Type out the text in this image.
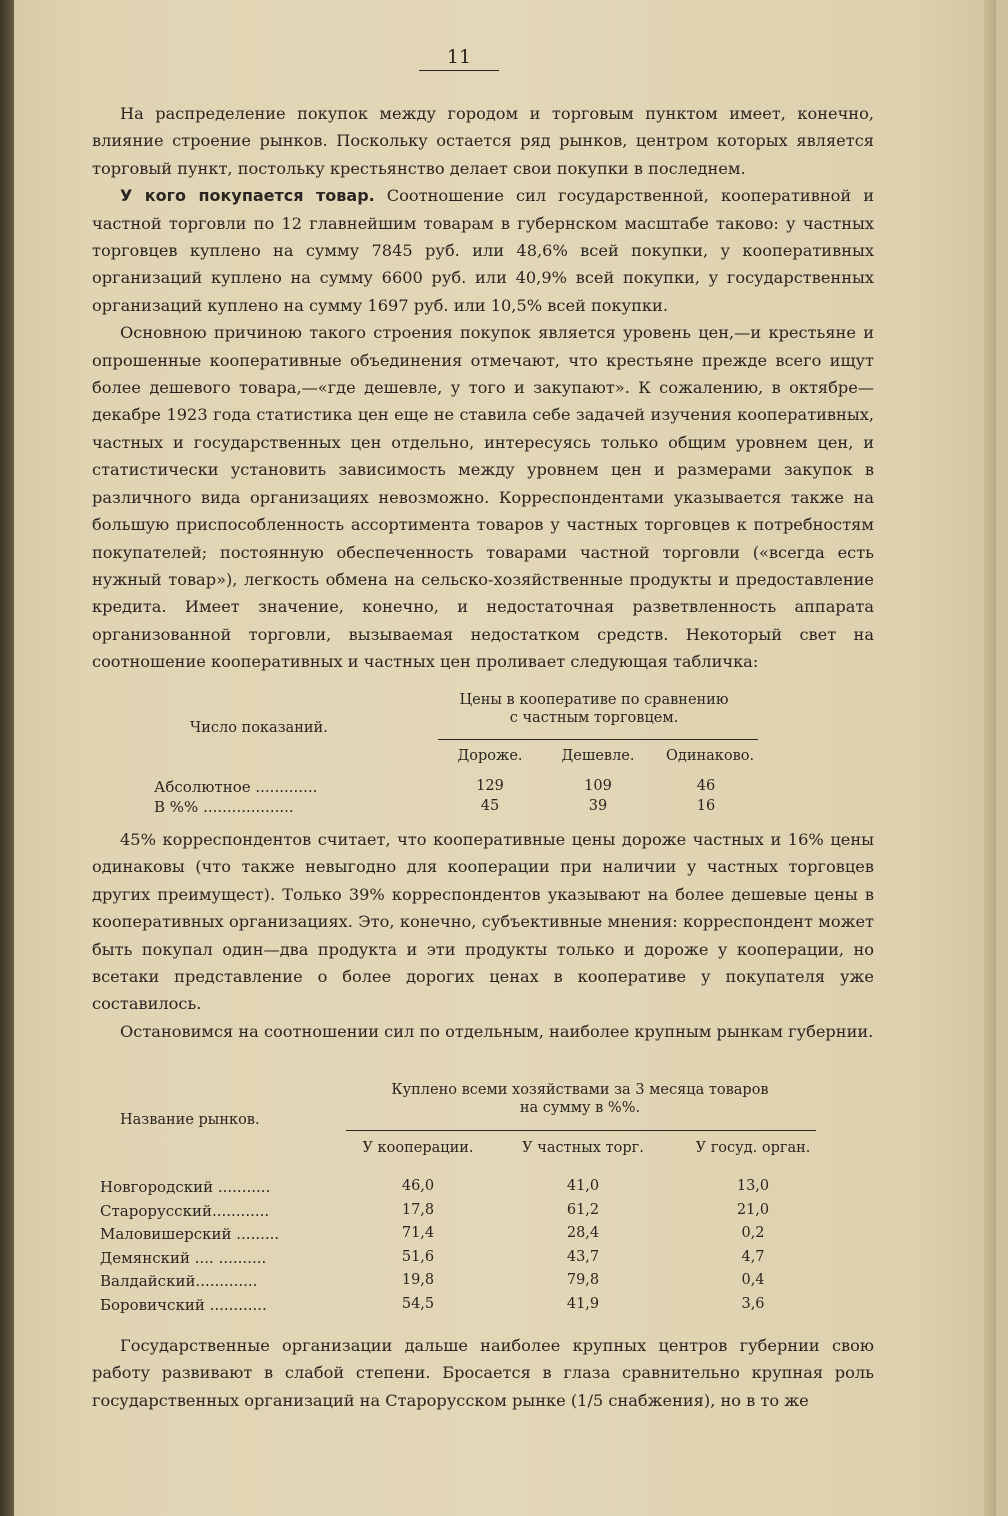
11

На распределение покупок между городом и торговым пунктом имеет, конечно, влияние строение рынков. Поскольку остается ряд рынков, центром которых является торговый пункт, постольку крестьянство делает свои покупки в последнем.

У кого покупается товар. Соотношение сил государственной, кооперативной и частной торговли по 12 главнейшим товарам в губернском масштабе таково: у частных торговцев куплено на сумму 7845 руб. или 48,6% всей покупки, у кооперативных организаций куплено на сумму 6600 руб. или 40,9% всей покупки, у государственных организаций куплено на сумму 1697 руб. или 10,5% всей покупки.

Основною причиною такого строения покупок является уровень цен,—и крестьяне и опрошенные кооперативные объединения отмечают, что крестьяне прежде всего ищут более дешевого товара,—«где дешевле, у того и закупают». К сожалению, в октябре—декабре 1923 года статистика цен еще не ставила себе задачей изучения кооперативных, частных и государственных цен отдельно, интересуясь только общим уровнем цен, и статистически установить зависимость между уровнем цен и размерами закупок в различного вида организациях невозможно. Корреспондентами указывается также на большую приспособленность ассортимента товаров у частных торговцев к потребностям покупателей; постоянную обеспеченность товарами частной торговли («всегда есть нужный товар»), легкость обмена на сельско-хозяйственные продукты и предоставление кредита. Имеет значение, конечно, и недостаточная разветвленность аппарата организованной торговли, вызываемая недостатком средств. Некоторый свет на соотношение кооперативных и частных цен проливает следующая табличка:

Число показаний.
Цены в кооперативе по сравнению
с частным торговцем.
Дороже.	Дешевле. Одинаково.
Абсолютное .............	129	109	46
В %% ...................	45	39	16

45% корреспондентов считает, что кооперативные цены дороже частных и 16% цены одинаковы (что также невыгодно для кооперации при наличии у частных торговцев других преимущест). Только 39% корреспондентов указывают на более дешевые цены в кооперативных организациях. Это, конечно, субъективные мнения: корреспондент может быть покупал один—два продукта и эти продукты только и дороже у кооперации, но всетаки представление о более дорогих ценах в кооперативе у покупателя уже составилось.

Остановимся на соотношении сил по отдельным, наиболее крупным рынкам губернии.

Название рынков.
Куплено всеми хозяйствами за 3 месяца товаров
на сумму в %%.
У кооперации.	У частных торг.	У госуд. орган.
Новгородский ...........	46,0	41,0	13,0
Старорусский............	17,8	61,2	21,0
Маловишерский .........	71,4	28,4	0,2
Демянский .... ..........	51,6	43,7	4,7
Валдайский.............	19,8	79,8	0,4
Боровичский ............	54,5	41,9	3,6

Государственные организации дальше наиболее крупных центров губернии свою работу развивают в слабой степени. Бросается в глаза сравнительно крупная роль государственных организаций на Старорусском рынке (1/5 снабжения), но в то же
